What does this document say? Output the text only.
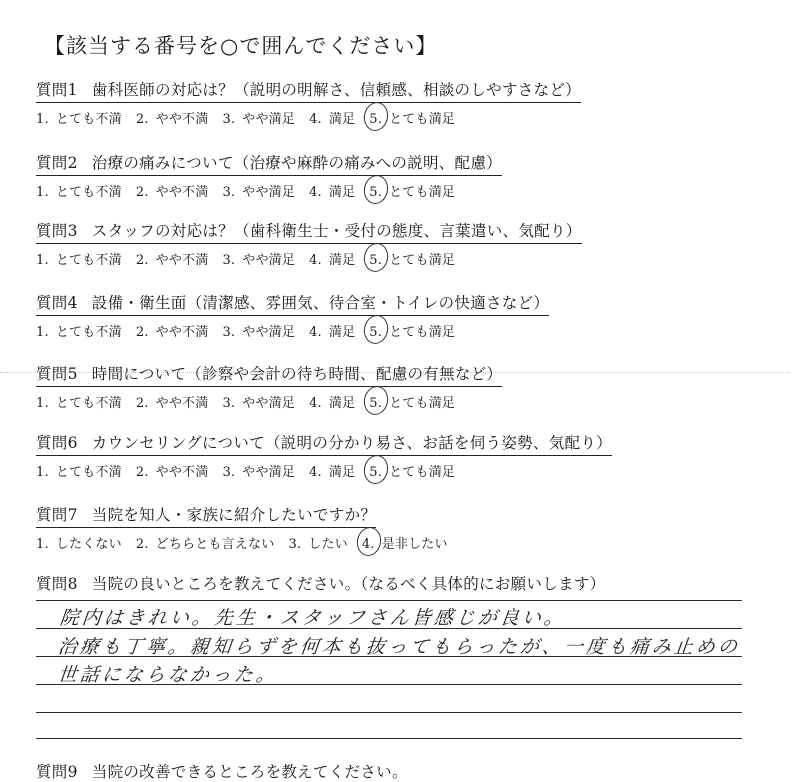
【該当する番号を○で囲んでください】
質問1 歯科医師の対応は？（説明の明解さ、信頼感、相談のしやすさなど）
1. とても不満 2. やや不満 3. やや満足 4. 満足 5. とても満足
質問2 治療の痛みについて（治療や麻酔の痛みへの説明、配慮）
1. とても不満 2. やや不満 3. やや満足 4. 満足 5. とても満足
質問3 スタッフの対応は？（歯科衛生士・受付の態度、言葉遣い、気配り）
1. とても不満 2. やや不満 3. やや満足 4. 満足 5. とても満足
質問4 設備・衛生面（清潔感、雰囲気、待合室・トイレの快適さなど）
1. とても不満 2. やや不満 3. やや満足 4. 満足 5. とても満足
質問5 時間について（診察や会計の待ち時間、配慮の有無など）
1. とても不満 2. やや不満 3. やや満足 4. 満足 5. とても満足
質問6 カウンセリングについて（説明の分かり易さ、お話を伺う姿勢、気配り）
1. とても不満 2. やや不満 3. やや満足 4. 満足 5. とても満足
質問7 当院を知人・家族に紹介したいですか？
1. したくない 2. どちらとも言えない 3. したい 4. 是非したい
質問8 当院の良いところを教えてください。（なるべく具体的にお願いします）
院内はきれい。先生・スタッフさん皆感じが良い。
治療も丁寧。親知らずを何本も抜ってもらったが、一度も痛み止めの
世話にならなかった。
質問9 当院の改善できるところを教えてください。
